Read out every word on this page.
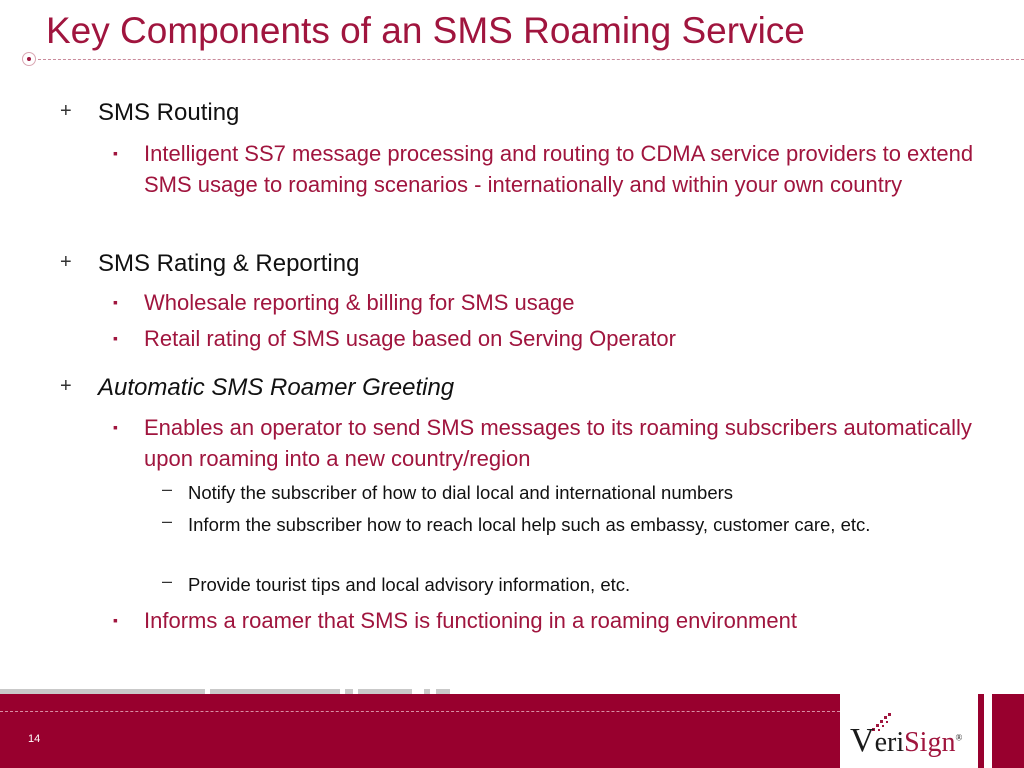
Key Components of an SMS Roaming Service
+ SMS Routing
▪ Intelligent SS7 message processing and routing to CDMA service providers to extend SMS usage to roaming scenarios - internationally and within your own country
+ SMS Rating & Reporting
▪ Wholesale reporting & billing for SMS usage
▪ Retail rating of SMS usage based on Serving Operator
+ Automatic SMS Roamer Greeting
▪ Enables an operator to send SMS messages to its roaming subscribers automatically upon roaming into a new country/region
– Notify the subscriber of how to dial local and international numbers
– Inform the subscriber how to reach local help such as embassy, customer care, etc.
– Provide tourist tips and local advisory information, etc.
▪ Informs a roamer that SMS is functioning in a roaming environment
14	VeriSign®
